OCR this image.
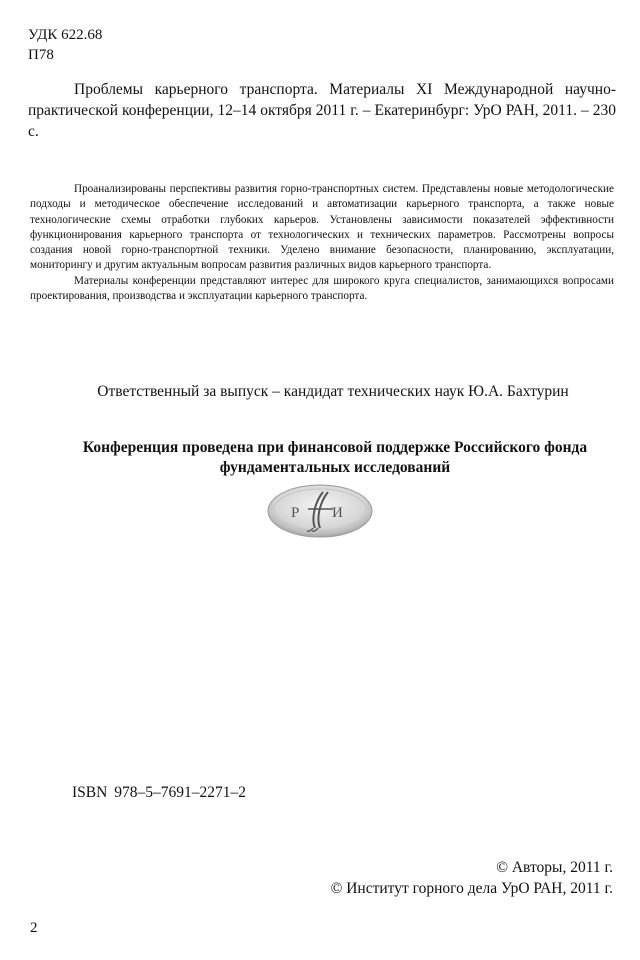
УДК 622.68
П78
Проблемы карьерного транспорта. Материалы XI Международной научно-практической конференции, 12–14 октября 2011 г. – Екатеринбург: УрО РАН, 2011. – 230 с.

Проанализированы перспективы развития горно-транспортных систем. Представлены новые методологические подходы и методическое обеспечение исследований и автоматизации карьерного транспорта, а также новые технологические схемы отработки глубоких карьеров. Установлены зависимости показателей эффективности функционирования карьерного транспорта от технологических и технических параметров. Рассмотрены вопросы создания новой горно-транспортной техники. Уделено внимание безопасности, планированию, эксплуатации, мониторингу и другим актуальным вопросам развития различных видов карьерного транспорта.

Материалы конференции представляют интерес для широкого круга специалистов, занимающихся вопросами проектирования, производства и эксплуатации карьерного транспорта.

Ответственный за выпуск – кандидат технических наук Ю.А. Бахтурин
Конференция проведена при финансовой поддержке Российского фонда фундаментальных исследований
Р И
ISBN 978–5–7691–2271–2
© Авторы, 2011 г.
© Институт горного дела УрО РАН, 2011 г.
2
